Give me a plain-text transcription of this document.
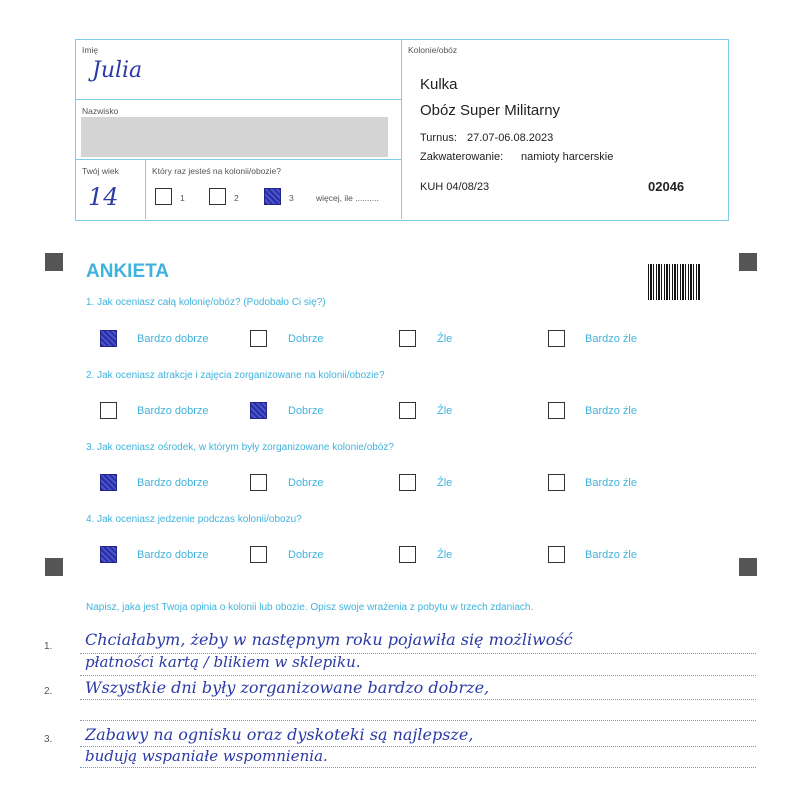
Imię
Julia
Nazwisko
Twój wiek
14
Który raz jesteś na kolonii/obozie?
1	2	3	więcej, ile ..........
Kolonie/obóz
Kulka
Obóz Super Militarny
Turnus: 27.07-06.08.2023
Zakwaterowanie: namioty harcerskie
KUH 04/08/23	02046
ANKIETA
1. Jak oceniasz całą kolonię/obóz? (Podobało Ci się?)
Bardzo dobrze	Dobrze	Źle	Bardzo źle
2. Jak oceniasz atrakcje i zajęcia zorganizowane na kolonii/obozie?
Bardzo dobrze	Dobrze	Źle	Bardzo źle
3. Jak oceniasz ośrodek, w którym były zorganizowane kolonie/obóz?
Bardzo dobrze	Dobrze	Źle	Bardzo źle
4. Jak oceniasz jedzenie podczas kolonii/obozu?
Bardzo dobrze	Dobrze	Źle	Bardzo źle
Napisz, jaka jest Twoja opinia o kolonii lub obozie. Opisz swoje wrażenia z pobytu w trzech zdaniach.
1.
2.
3.
Chciałabym, żeby w następnym roku pojawiła się możliwość
płatności kartą / blikiem w sklepiku.
Wszystkie dni były zorganizowane bardzo dobrze,
Zabawy na ognisku oraz dyskoteki są najlepsze,
budują wspaniałe wspomnienia.
